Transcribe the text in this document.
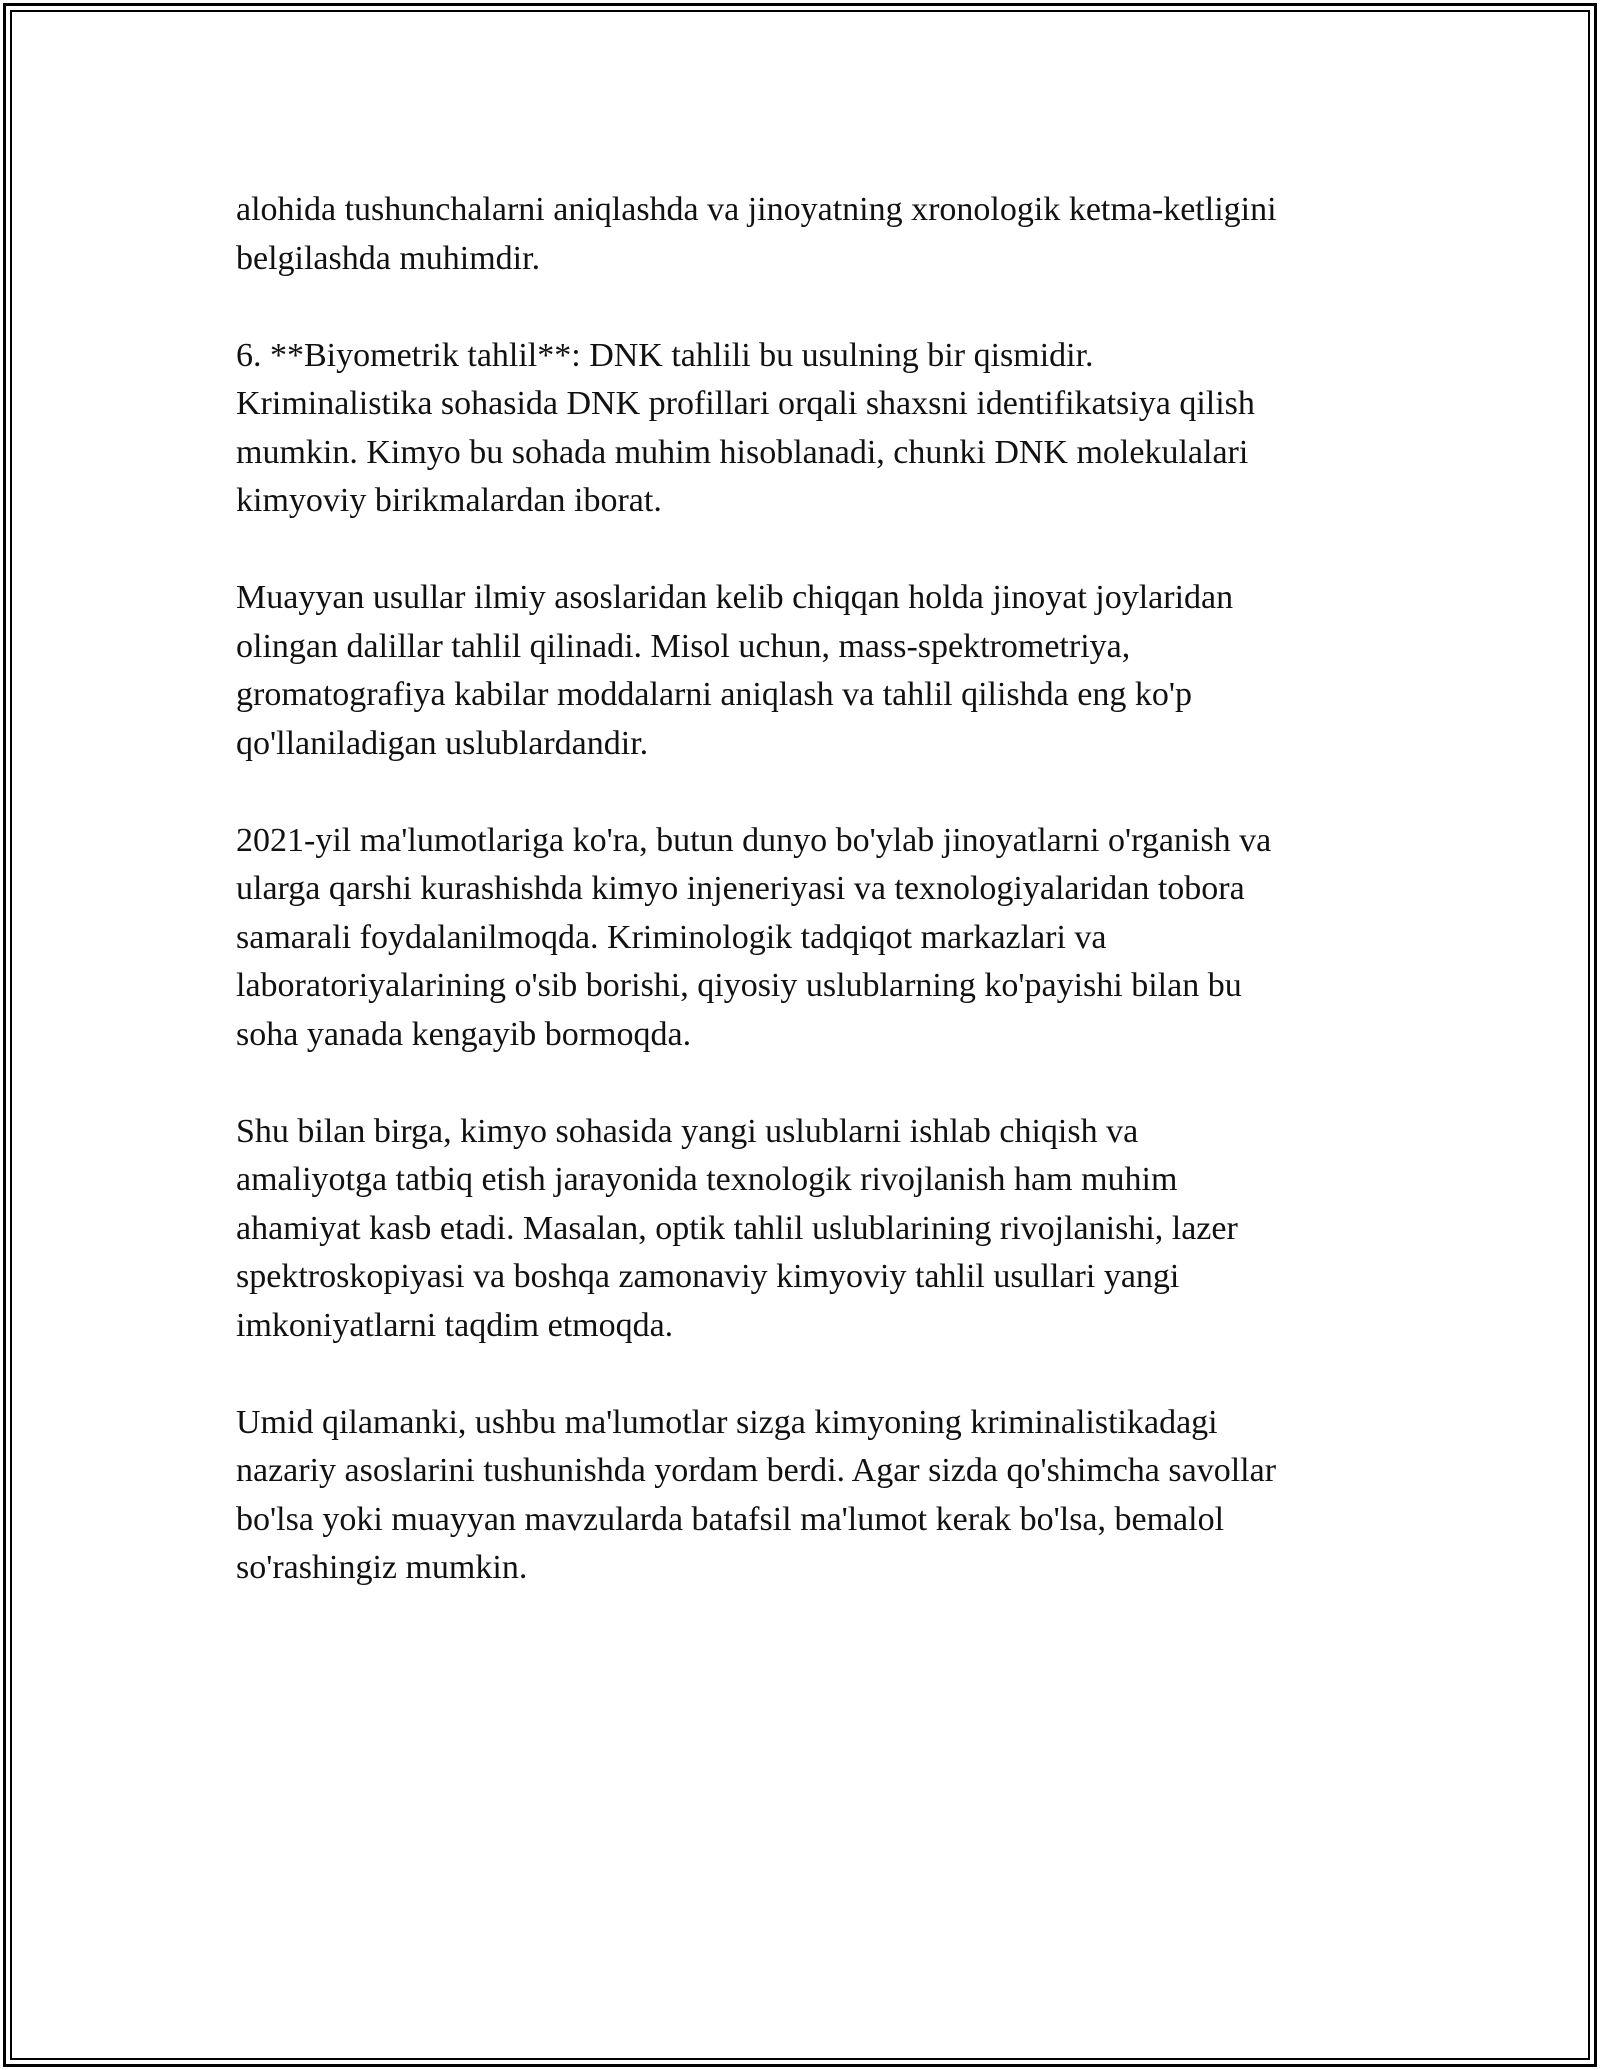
alohida tushunchalarni aniqlashda va jinoyatning xronologik ketma-ketligini
belgilashda muhimdir.

6. **Biyometrik tahlil**: DNK tahlili bu usulning bir qismidir.
Kriminalistika sohasida DNK profillari orqali shaxsni identifikatsiya qilish
mumkin. Kimyo bu sohada muhim hisoblanadi, chunki DNK molekulalari
kimyoviy birikmalardan iborat.

Muayyan usullar ilmiy asoslaridan kelib chiqqan holda jinoyat joylaridan
olingan dalillar tahlil qilinadi. Misol uchun, mass-spektrometriya,
gromatografiya kabilar moddalarni aniqlash va tahlil qilishda eng ko'p
qo'llaniladigan uslublardandir.

2021-yil ma'lumotlariga ko'ra, butun dunyo bo'ylab jinoyatlarni o'rganish va
ularga qarshi kurashishda kimyo injeneriyasi va texnologiyalaridan tobora
samarali foydalanilmoqda. Kriminologik tadqiqot markazlari va
laboratoriyalarining o'sib borishi, qiyosiy uslublarning ko'payishi bilan bu
soha yanada kengayib bormoqda.

Shu bilan birga, kimyo sohasida yangi uslublarni ishlab chiqish va
amaliyotga tatbiq etish jarayonida texnologik rivojlanish ham muhim
ahamiyat kasb etadi. Masalan, optik tahlil uslublarining rivojlanishi, lazer
spektroskopiyasi va boshqa zamonaviy kimyoviy tahlil usullari yangi
imkoniyatlarni taqdim etmoqda.

Umid qilamanki, ushbu ma'lumotlar sizga kimyoning kriminalistikadagi
nazariy asoslarini tushunishda yordam berdi. Agar sizda qo'shimcha savollar
bo'lsa yoki muayyan mavzularda batafsil ma'lumot kerak bo'lsa, bemalol
so'rashingiz mumkin.
